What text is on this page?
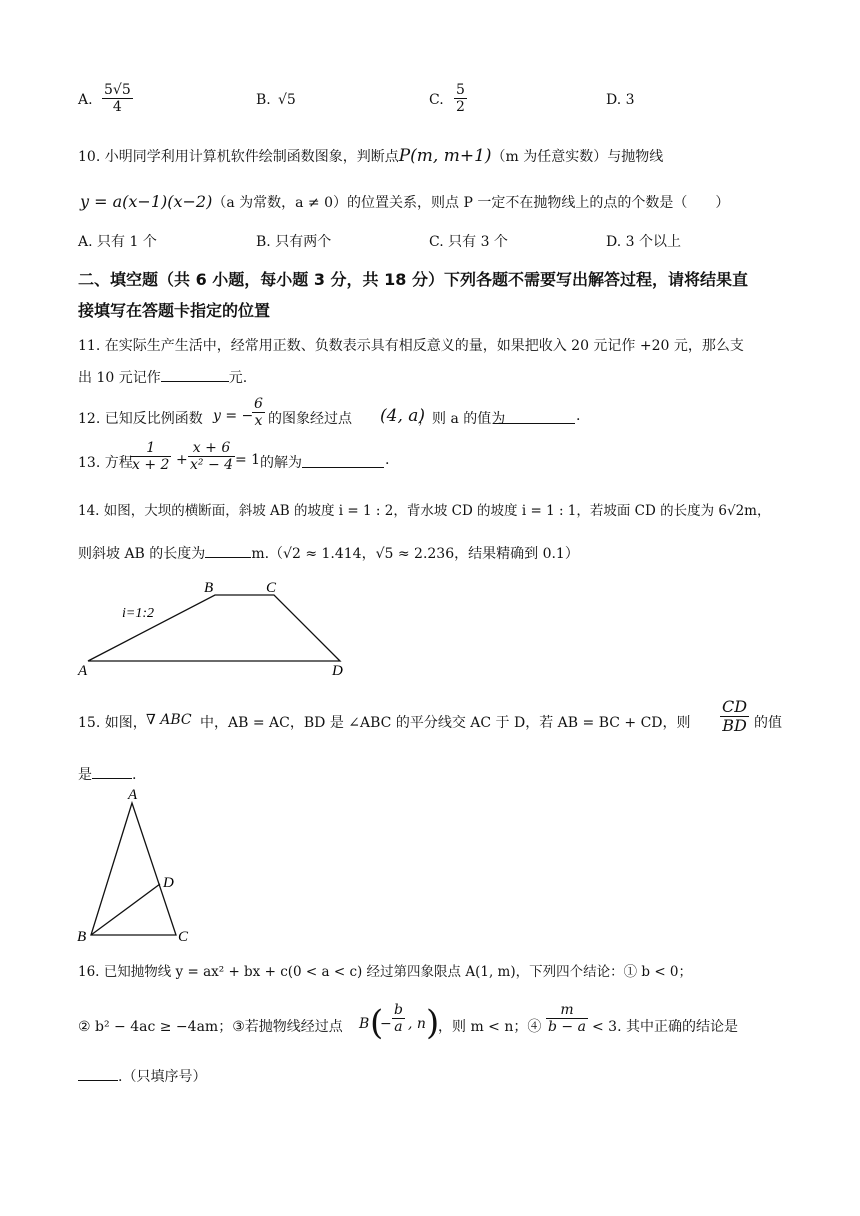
A. $\frac{5√5}{4}$	B. √5	C. $\frac{5}{2}$	D. 3
10. 小明同学利用计算机软件绘制函数图象，判断点P(m, m+1)（m 为任意实数）与抛物线
y = a(x−1)(x−2)（a 为常数，a ≠ 0）的位置关系，则点 P 一定不在抛物线上的点的个数是（　　）
A. 只有 1 个	B. 只有两个	C. 只有 3 个	D. 3 个以上
二、填空题（共 6 小题，每小题 3 分，共 18 分）下列各题不需要写出解答过程，请将结果直
接填写在答题卡指定的位置
11. 在实际生产生活中，经常用正数、负数表示具有相反意义的量，如果把收入 20 元记作 +20 元，那么支
出 10 元记作	元.
12. 已知反比例函数 y = −
$\frac{6}{x}$ 的图象经过点 (4, a)
，则 a 的值为	.
13. 方程
$\frac{1}{x + 2} + \frac{x + 6}{\text{x² − 4}} = 1$ 的解为	.
14. 如图，大坝的横断面，斜坡 AB 的坡度 i = 1 : 2，背水坡 CD 的坡度 i = 1 : 1，若坡面 CD 的长度为 6√2m，
则斜坡 AB 的长度为	m.（√2 ≈ 1.414，√5 ≈ 2.236，结果精确到 0.1）
B	C
A	D
i=1:2
15. 如图， ∇ ABC 中，AB = AC，BD 是 ∠ABC 的平分线交 AC 于 D，若 AB = BC + CD，则 $\frac{CD}{BD}$ 的值
是	.
A
B	C
D
16. 已知抛物线 y = ax² + bx + c(0 < a < c) 经过第四象限点 A(1, m)，下列四个结论：① b < 0；
② b² − 4ac ≥ −4am；③若抛物线经过点 B (
− $\frac{b}{a}$ , n )
，则 m < n；④ $\frac{m}{b - a} < 3$. 其中正确的结论是
.（只填序号）
